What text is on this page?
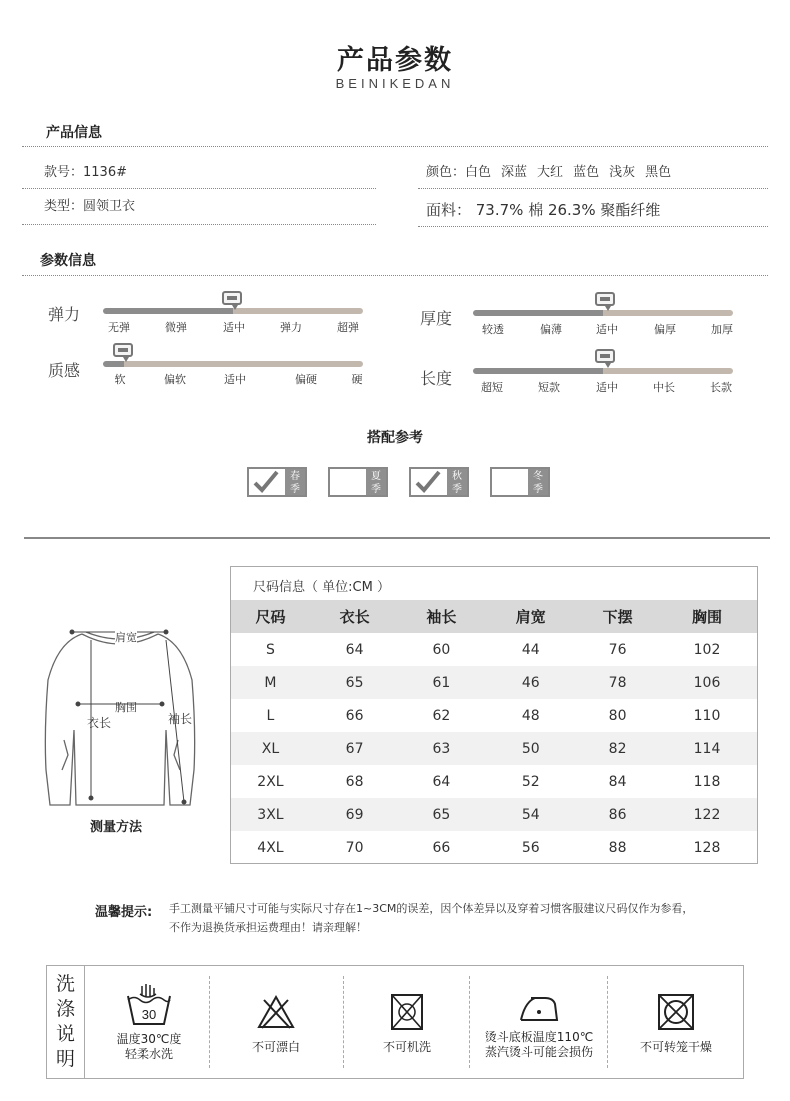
产品参数
BEINIKEDAN
产品信息
款号：1136#
类型：圆领卫衣
颜色：白色 深蓝 大红 蓝色 浅灰 黑色
面料： 73.7% 棉 26.3% 聚酯纤维
参数信息
弹力
无弹	微弹	适中	弹力	超弹
质感	软	偏软	适中	偏硬	硬
厚度
较透	偏薄	适中	偏厚	加厚
长度	超短	短款	适中	中长	长款
搭配参考
春
季
夏
季
秋
季
冬
季
肩宽
胸围
衣长	袖长
测量方法
尺码信息（ 单位:CM ）
尺码	衣长	袖长	肩宽	下摆	胸围
S	64	60	44	76	102
M	65	61	46	78	106
L	66	62	48	80	110
XL	67	63	50	82	114
2XL	68	64	52	84	118
3XL	69	65	54	86	122
4XL	70	66	56	88	128
温馨提示: 手工测量平铺尺寸可能与实际尺寸存在1~3CM的误差，因个体差异以及穿着习惯客服建议尺码仅作为参看，
不作为退换货承担运费理由！请亲理解！
洗
涤
说
明
30
温度30℃度
轻柔水洗	不可漂白	不可机洗
烫斗底板温度110℃
蒸汽烫斗可能会损伤	不可转笼干燥
